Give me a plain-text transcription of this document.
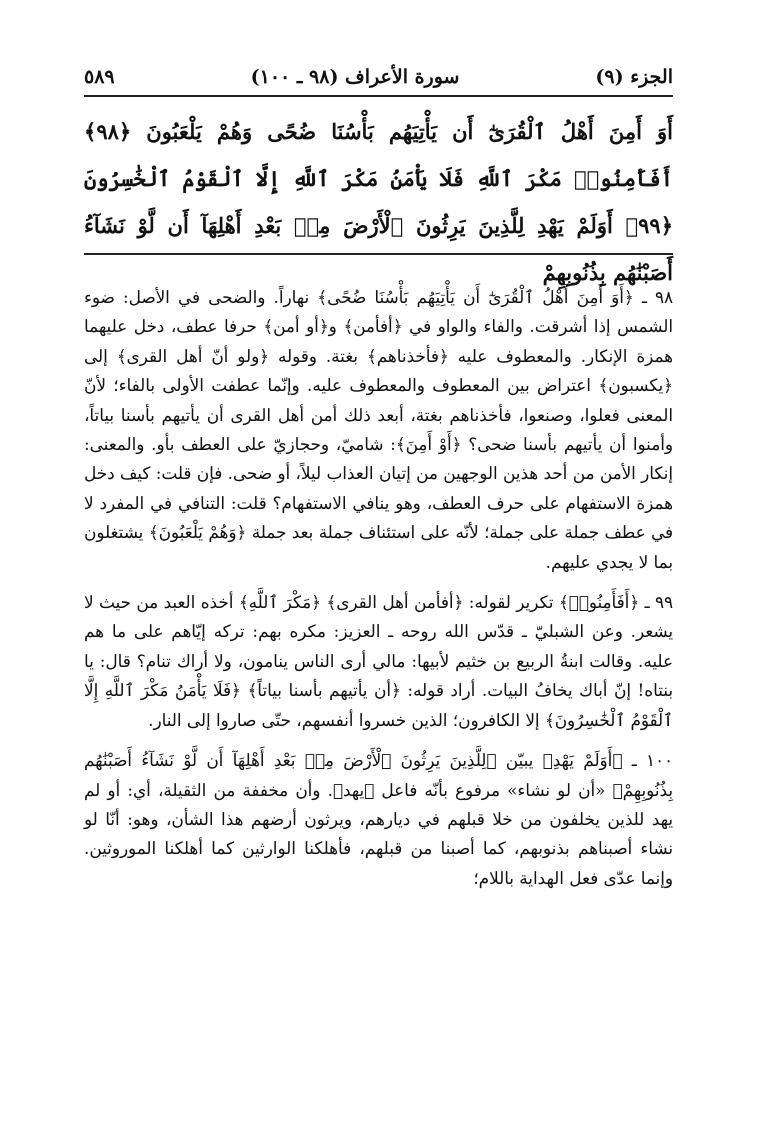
الجزء (٩)
سورة الأعراف (٩٨ ـ ١٠٠)
٥٨٩
أَوَ أَمِنَ أَهْلُ ٱلْقُرَىٰٓ أَن يَأْتِيَهُم بَأْسُنَا ضُحًى وَهُمْ يَلْعَبُونَ ﴿٩٨﴾ أَفَأَمِنُوا۟ مَكْرَ ٱللَّهِ فَلَا يَأْمَنُ مَكْرَ ٱللَّهِ إِلَّا ٱلْقَوْمُ ٱلْخَٰسِرُونَ ﴿٩٩﴾ أَوَلَمْ يَهْدِ لِلَّذِينَ يَرِثُونَ ٱلْأَرْضَ مِنۢ بَعْدِ أَهْلِهَآ أَن لَّوْ نَشَآءُ أَصَبْنَٰهُم بِذُنُوبِهِمْ

٩٨ ـ ﴿أَوَ أَمِنَ أَهْلُ ٱلْقُرَىٰٓ أَن يَأْتِيَهُم بَأْسُنَا ضُحًى﴾ نهاراً. والضحى في الأصل: ضوء الشمس إذا أشرقت. والفاء والواو في ﴿أفأمن﴾ و﴿أو أمن﴾ حرفا عطف، دخل عليهما همزة الإنكار. والمعطوف عليه ﴿فأخذناهم﴾ بغتة. وقوله ﴿ولو أنّ أهل القرى﴾ إلى ﴿يكسبون﴾ اعتراض بين المعطوف والمعطوف عليه. وإنّما عطفت الأولى بالفاء؛ لأنّ المعنى فعلوا، وصنعوا، فأخذناهم بغتة، أبعد ذلك أمن أهل القرى أن يأتيهم بأسنا بياتاً، وأمنوا أن يأتيهم بأسنا ضحى؟ ﴿أَوْ أَمِنَ﴾: شاميّ، وحجازيّ على العطف بأو. والمعنى: إنكار الأمن من أحد هذين الوجهين من إتيان العذاب ليلاً، أو ضحى. فإن قلت: كيف دخل همزة الاستفهام على حرف العطف، وهو ينافي الاستفهام؟ قلت: التنافي في المفرد لا في عطف جملة على جملة؛ لأنّه على استئناف جملة بعد جملة ﴿وَهُمْ يَلْعَبُونَ﴾ يشتغلون بما لا يجدي عليهم.

٩٩ ـ ﴿أَفَأَمِنُوا۟﴾ تكرير لقوله: ﴿أفأمن أهل القرى﴾ ﴿مَكْرَ ٱللَّهِ﴾ أخذه العبد من حيث لا يشعر. وعن الشبليّ ـ قدّس الله روحه ـ العزيز: مكره بهم: تركه إيّاهم على ما هم عليه. وقالت ابنةُ الربيع بن خثيم لأبيها: مالي أرى الناس ينامون، ولا أراك تنام؟ قال: يا بنتاه! إنّ أباك يخافُ البيات. أراد قوله: ﴿أن يأتيهم بأسنا بياتاً﴾ ﴿فَلَا يَأْمَنُ مَكْرَ ٱللَّهِ إِلَّا ٱلْقَوْمُ ٱلْخَٰسِرُونَ﴾ إلا الكافرون؛ الذين خسروا أنفسهم، حتّى صاروا إلى النار.

١٠٠ ـ ﴿أَوَلَمْ يَهْدِ﴾ يبيّن ﴿لِلَّذِينَ يَرِثُونَ ٱلْأَرْضَ مِنۢ بَعْدِ أَهْلِهَآ أَن لَّوْ نَشَآءُ أَصَبْنَٰهُم بِذُنُوبِهِمْ﴾ «أن لو نشاء» مرفوع بأنّه فاعل ﴿يهد﴾. وأن مخففة من الثقيلة، أي: أو لم يهد للذين يخلفون من خلا قبلهم في ديارهم، ويرثون أرضهم هذا الشأن، وهو: أنّا لو نشاء أصبناهم بذنوبهم، كما أصبنا من قبلهم، فأهلكنا الوارثين كما أهلكنا الموروثين. وإنما عدّى فعل الهداية باللام؛
